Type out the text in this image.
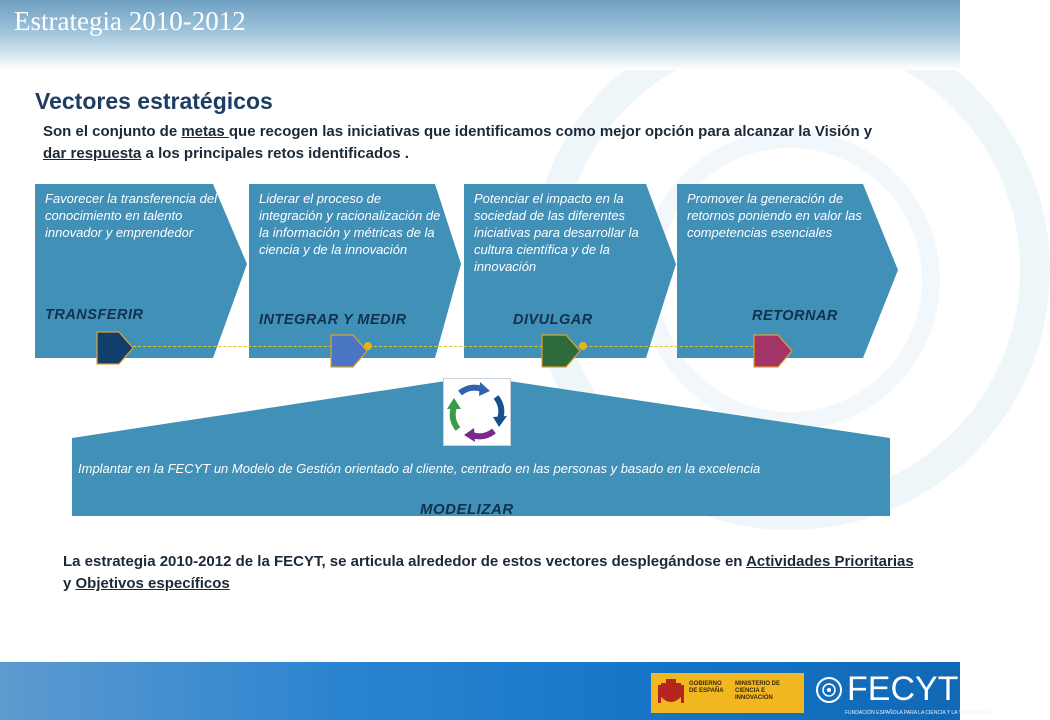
Estrategia 2010-2012
Vectores estratégicos
Son el conjunto de metas que recogen las iniciativas que identificamos como mejor opción para alcanzar la Visión y dar respuesta a los principales retos identificados .
Favorecer la transferencia del conocimiento en talento innovador y emprendedor
TRANSFERIR
Liderar el proceso de integración y racionalización de la información y métricas de la ciencia y de la innovación
INTEGRAR Y MEDIR
Potenciar el impacto en la sociedad de las diferentes iniciativas para desarrollar la cultura científica y de la innovación
DIVULGAR
Promover la generación de retornos poniendo en valor las competencias esenciales
RETORNAR
Implantar en la FECYT un Modelo de Gestión orientado al cliente, centrado en las personas y basado en la excelencia
MODELIZAR
La estrategia 2010-2012 de la FECYT, se articula alrededor de estos vectores desplegándose en Actividades Prioritarias y Objetivos específicos
GOBIERNO DE ESPAÑA
MINISTERIO DE CIENCIA E INNOVACIÓN	FECYT
FUNDACIÓN ESPAÑOLA PARA LA CIENCIA Y LA TECNOLOGÍA
